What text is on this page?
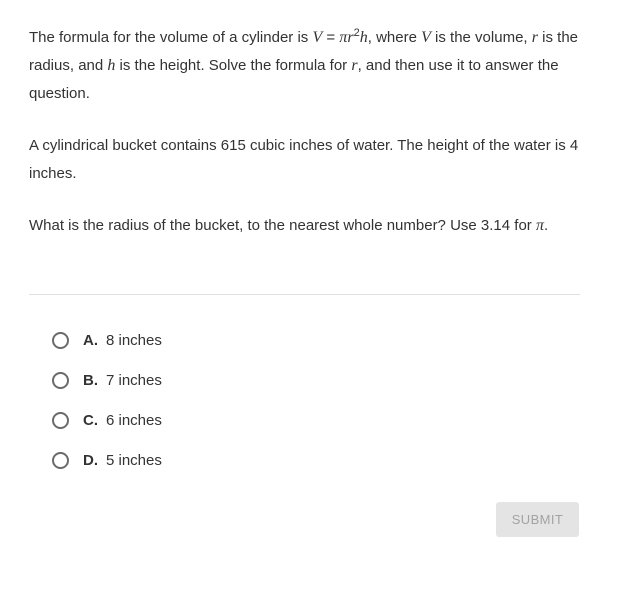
The formula for the volume of a cylinder is $V = \pi r^2h$, where V is the volume, r is the radius, and h is the height. Solve the formula for r, and then use it to answer the question.

A cylindrical bucket contains 615 cubic inches of water. The height of the water is 4 inches.

What is the radius of the bucket, to the nearest whole number? Use 3.14 for π.

A. 8 inches
B. 7 inches
C. 6 inches
D. 5 inches
SUBMIT
